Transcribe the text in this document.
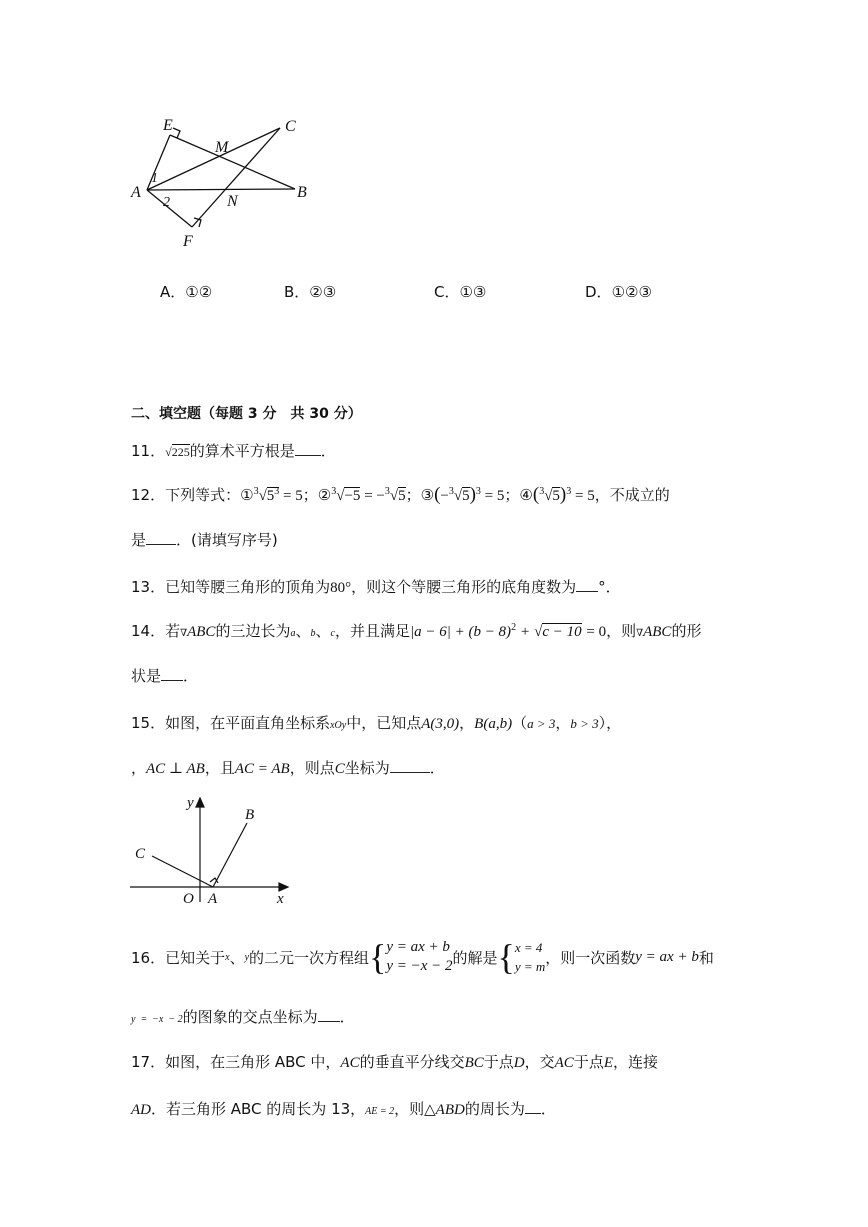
E
M
C
A	B
N
F
1
2
A．①②	B．②③	C．①③	D．①②③
二、填空题（每题 3 分　共 30 分）
11．√225的算术平方根是 ．
12．下列等式：$①^3√5^3 = 5$；②$^3$√−5 = −$^3$√5；$③(-^3√5)^3 = 5$；$④(^3√5)^3 = 5$，不成立的
是 ．(请填写序号)
13．已知等腰三角形的顶角为80°，则这个等腰三角形的底角度数为 °．
14．若∇ABC的三边长为a、b、c，并且满足$|a - 6| + (b - 8)^2 + √c - 10 = 0$，则∇ABC的形
状是 ．
15．如图，在平面直角坐标系xOy中，已知点A(3,0)，B(a,b)（a > 3，b > 3），
，AC ⊥ AB，且AC = AB，则点C坐标为	．
y
B
C
O A	x
16． 已知关于 x 、 y 的二元一次方程组 { y = ax + b
y = −x − 2 的解是 { x = 4
y = m ，则一次函数 y = ax + b 和
y  =  −x  − 2的图象的交点坐标为 ．
17．如图，在三角形 ABC 中，AC的垂直平分线交BC于点D，交AC于点E，连接
AD．若三角形 ABC 的周长为 13，AE = 2，则△ABD的周长为 ．
